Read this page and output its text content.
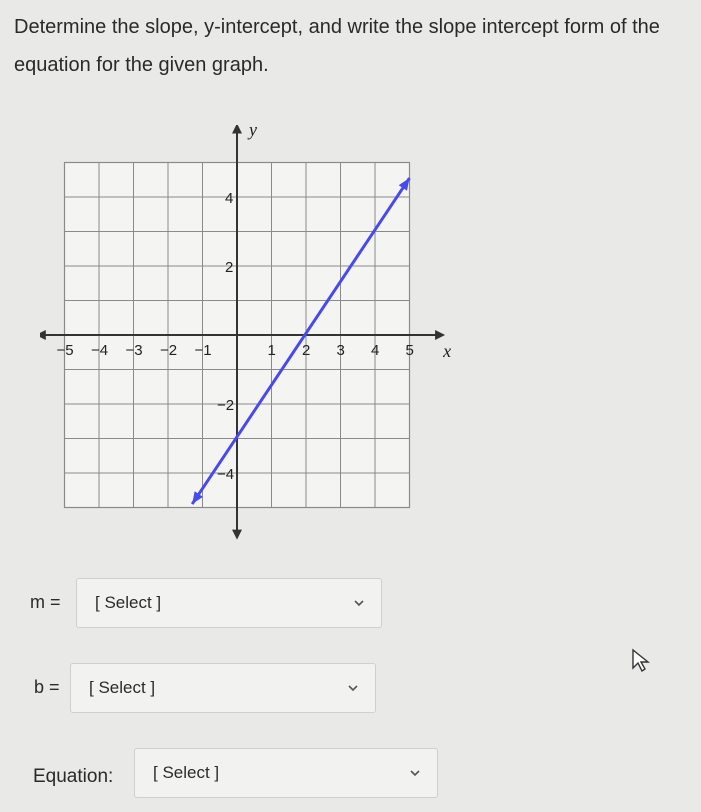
Determine the slope, y-intercept, and write the slope intercept form of the equation for the given graph.
x
y
−5 −4 −3 −2 −1	1 2 3 4 5
4
2
−2
−4
m = [ Select ]
b = [ Select ]
Equation: [ Select ]
